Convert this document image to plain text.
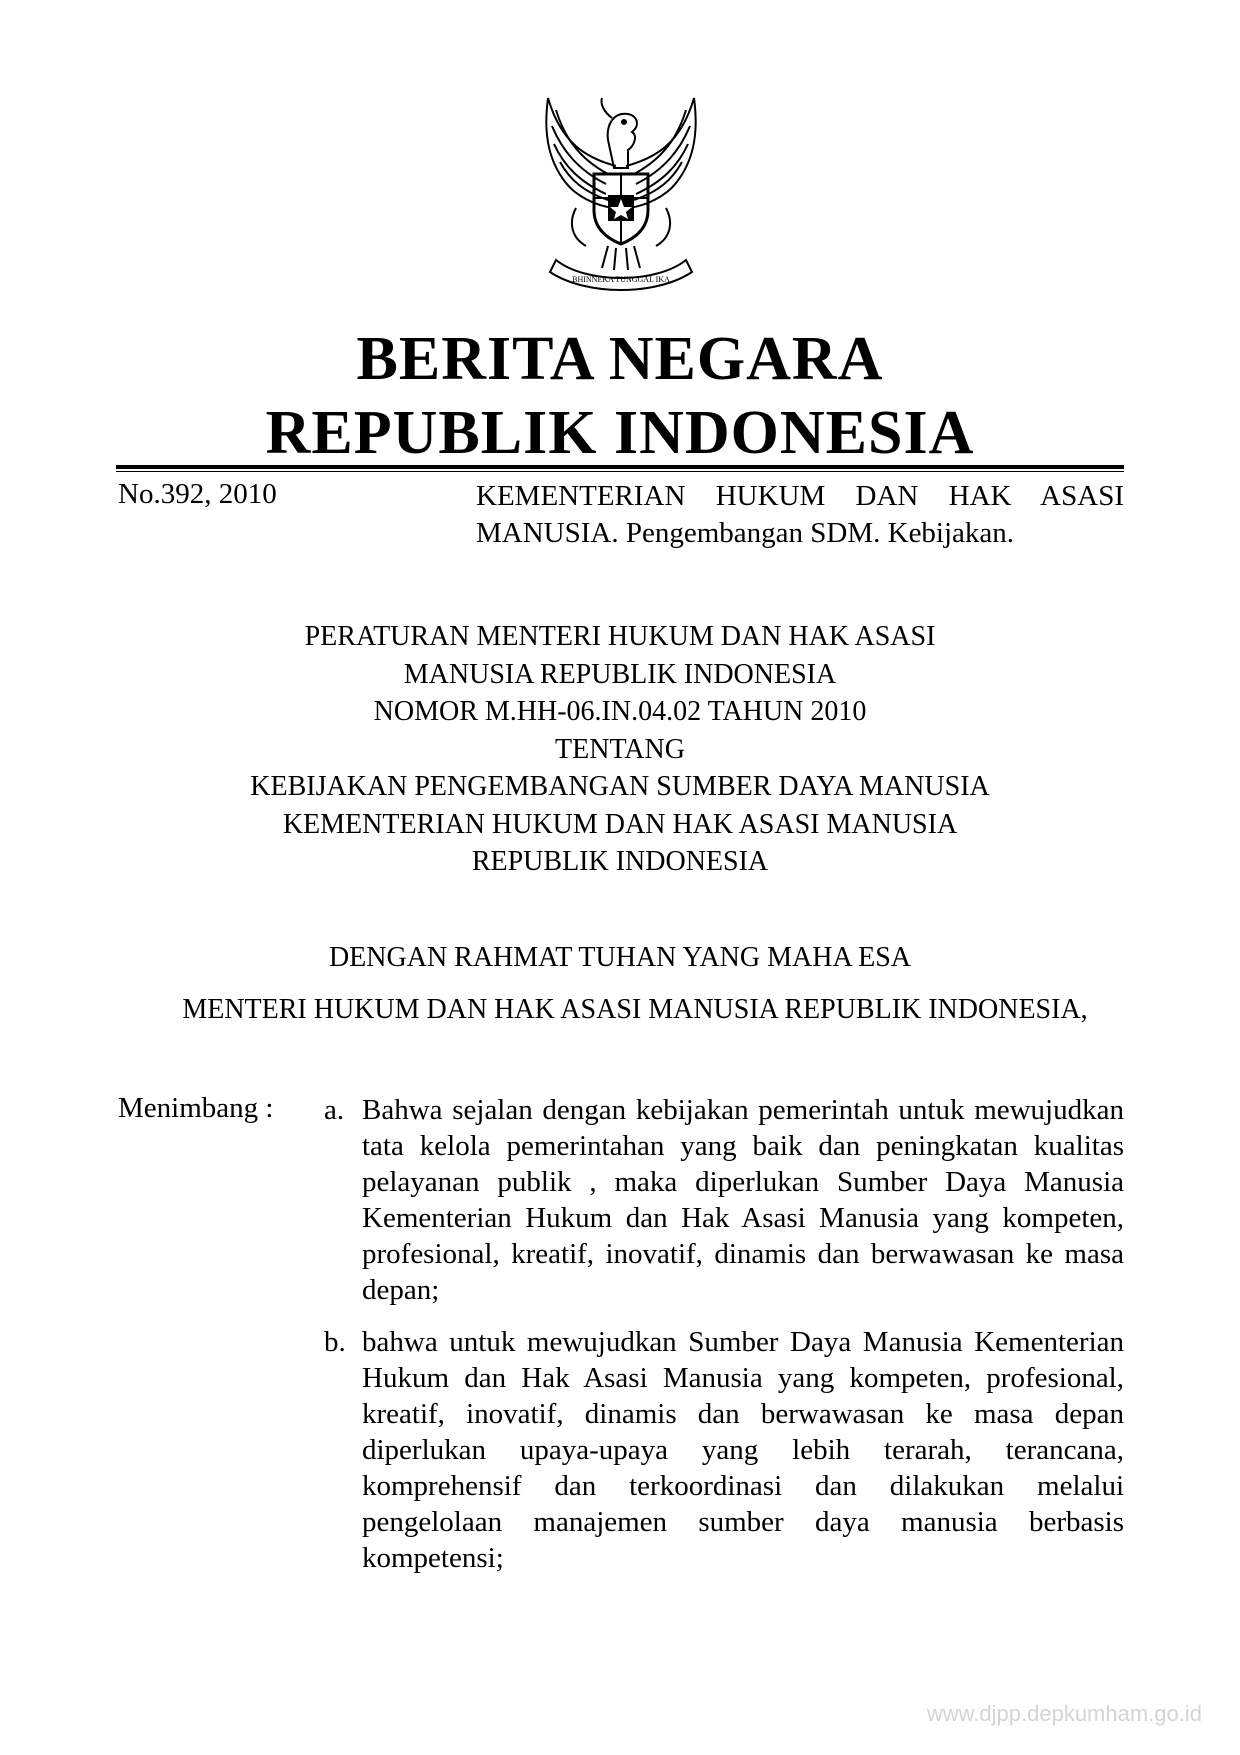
BHINNEKA TUNGGAL IKA
BERITA NEGARA
REPUBLIK INDONESIA
No.392, 2010	KEMENTERIAN HUKUM DAN HAK ASASI
MANUSIA. Pengembangan SDM. Kebijakan.
PERATURAN MENTERI HUKUM DAN HAK ASASI
MANUSIA REPUBLIK INDONESIA
NOMOR M.HH-06.IN.04.02 TAHUN 2010
TENTANG
KEBIJAKAN PENGEMBANGAN SUMBER DAYA MANUSIA
KEMENTERIAN HUKUM DAN HAK ASASI MANUSIA
REPUBLIK INDONESIA
DENGAN RAHMAT TUHAN YANG MAHA ESA
MENTERI HUKUM DAN HAK ASASI MANUSIA REPUBLIK INDONESIA,
Menimbang : a. Bahwa sejalan dengan kebijakan pemerintah untuk mewujudkan tata kelola pemerintahan yang baik dan peningkatan kualitas pelayanan publik , maka diperlukan Sumber Daya Manusia Kementerian Hukum dan Hak Asasi Manusia yang kompeten, profesional, kreatif, inovatif, dinamis dan berwawasan ke masa depan;
b. bahwa untuk mewujudkan Sumber Daya Manusia Kementerian Hukum dan Hak Asasi Manusia yang kompeten, profesional, kreatif, inovatif, dinamis dan berwawasan ke masa depan diperlukan upaya-upaya yang lebih terarah, terancana, komprehensif dan terkoordinasi dan dilakukan melalui pengelolaan manajemen sumber daya manusia berbasis kompetensi;
www.djpp.depkumham.go.id
